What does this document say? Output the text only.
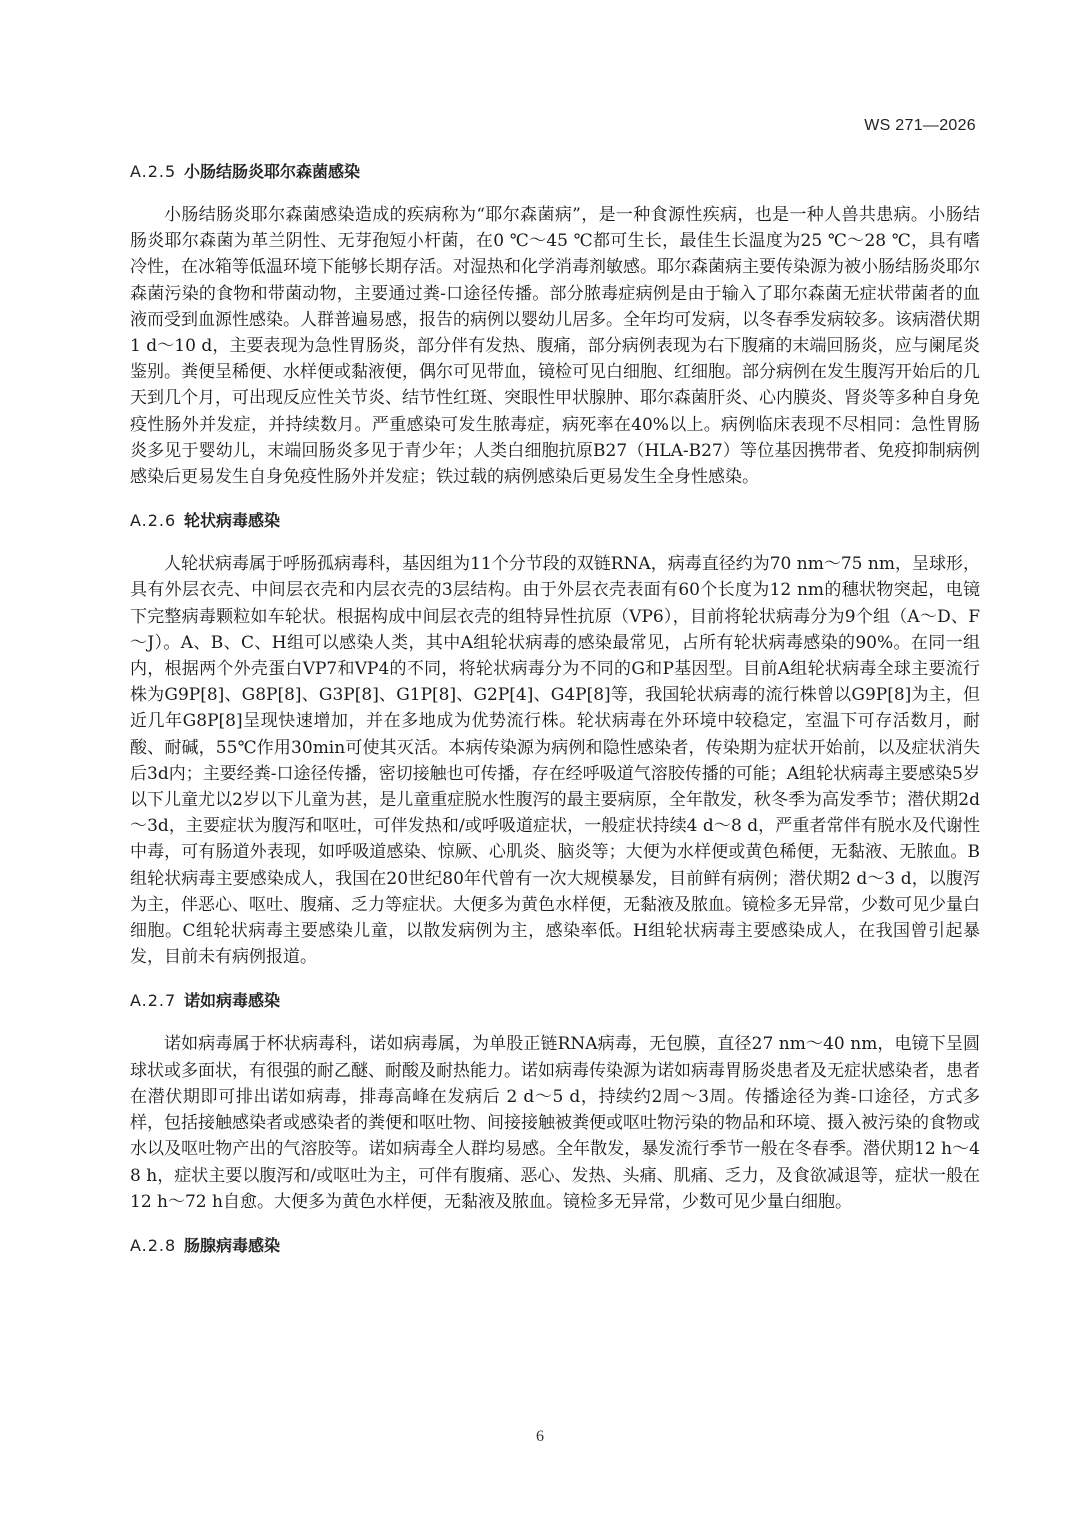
WS 271—2026
A.2.5 小肠结肠炎耶尔森菌感染

小肠结肠炎耶尔森菌感染造成的疾病称为“耶尔森菌病”，是一种食源性疾病，也是一种人兽共患病。小肠结肠炎耶尔森菌为革兰阴性、无芽孢短小杆菌，在0 ℃～45 ℃都可生长，最佳生长温度为25 ℃～28 ℃，具有嗜冷性，在冰箱等低温环境下能够长期存活。对湿热和化学消毒剂敏感。耶尔森菌病主要传染源为被小肠结肠炎耶尔森菌污染的食物和带菌动物，主要通过粪-口途径传播。部分脓毒症病例是由于输入了耶尔森菌无症状带菌者的血液而受到血源性感染。人群普遍易感，报告的病例以婴幼儿居多。全年均可发病，以冬春季发病较多。该病潜伏期1 d～10 d，主要表现为急性胃肠炎，部分伴有发热、腹痛，部分病例表现为右下腹痛的末端回肠炎，应与阑尾炎鉴别。粪便呈稀便、水样便或黏液便，偶尔可见带血，镜检可见白细胞、红细胞。部分病例在发生腹泻开始后的几天到几个月，可出现反应性关节炎、结节性红斑、突眼性甲状腺肿、耶尔森菌肝炎、心内膜炎、肾炎等多种自身免疫性肠外并发症，并持续数月。严重感染可发生脓毒症，病死率在40%以上。病例临床表现不尽相同：急性胃肠炎多见于婴幼儿，末端回肠炎多见于青少年；人类白细胞抗原B27（HLA-B27）等位基因携带者、免疫抑制病例感染后更易发生自身免疫性肠外并发症；铁过载的病例感染后更易发生全身性感染。

A.2.6 轮状病毒感染

人轮状病毒属于呼肠孤病毒科，基因组为11个分节段的双链RNA，病毒直径约为70 nm～75 nm，呈球形，具有外层衣壳、中间层衣壳和内层衣壳的3层结构。由于外层衣壳表面有60个长度为12 nm的穗状物突起，电镜下完整病毒颗粒如车轮状。根据构成中间层衣壳的组特异性抗原（VP6），目前将轮状病毒分为9个组（A～D、F～J）。A、B、C、H组可以感染人类，其中A组轮状病毒的感染最常见，占所有轮状病毒感染的90%。在同一组内，根据两个外壳蛋白VP7和VP4的不同，将轮状病毒分为不同的G和P基因型。目前A组轮状病毒全球主要流行株为G9P[8]、G8P[8]、G3P[8]、G1P[8]、G2P[4]、G4P[8]等，我国轮状病毒的流行株曾以G9P[8]为主，但近几年G8P[8]呈现快速增加，并在多地成为优势流行株。轮状病毒在外环境中较稳定，室温下可存活数月，耐酸、耐碱，55℃作用30min可使其灭活。本病传染源为病例和隐性感染者，传染期为症状开始前，以及症状消失后3d内；主要经粪-口途径传播，密切接触也可传播，存在经呼吸道气溶胶传播的可能；A组轮状病毒主要感染5岁以下儿童尤以2岁以下儿童为甚，是儿童重症脱水性腹泻的最主要病原，全年散发，秋冬季为高发季节；潜伏期2d～3d，主要症状为腹泻和呕吐，可伴发热和/或呼吸道症状，一般症状持续4 d～8 d，严重者常伴有脱水及代谢性中毒，可有肠道外表现，如呼吸道感染、惊厥、心肌炎、脑炎等；大便为水样便或黄色稀便，无黏液、无脓血。B组轮状病毒主要感染成人，我国在20世纪80年代曾有一次大规模暴发，目前鲜有病例；潜伏期2 d～3 d，以腹泻为主，伴恶心、呕吐、腹痛、乏力等症状。大便多为黄色水样便，无黏液及脓血。镜检多无异常，少数可见少量白细胞。C组轮状病毒主要感染儿童，以散发病例为主，感染率低。H组轮状病毒主要感染成人，在我国曾引起暴发，目前未有病例报道。

A.2.7 诺如病毒感染

诺如病毒属于杯状病毒科，诺如病毒属，为单股正链RNA病毒，无包膜，直径27 nm～40 nm，电镜下呈圆球状或多面状，有很强的耐乙醚、耐酸及耐热能力。诺如病毒传染源为诺如病毒胃肠炎患者及无症状感染者，患者在潜伏期即可排出诺如病毒，排毒高峰在发病后 2 d～5 d，持续约2周～3周。传播途径为粪-口途径，方式多样，包括接触感染者或感染者的粪便和呕吐物、间接接触被粪便或呕吐物污染的物品和环境、摄入被污染的食物或水以及呕吐物产出的气溶胶等。诺如病毒全人群均易感。全年散发，暴发流行季节一般在冬春季。潜伏期12 h～48 h，症状主要以腹泻和/或呕吐为主，可伴有腹痛、恶心、发热、头痛、肌痛、乏力，及食欲减退等，症状一般在12 h～72 h自愈。大便多为黄色水样便，无黏液及脓血。镜检多无异常，少数可见少量白细胞。

A.2.8 肠腺病毒感染
6
